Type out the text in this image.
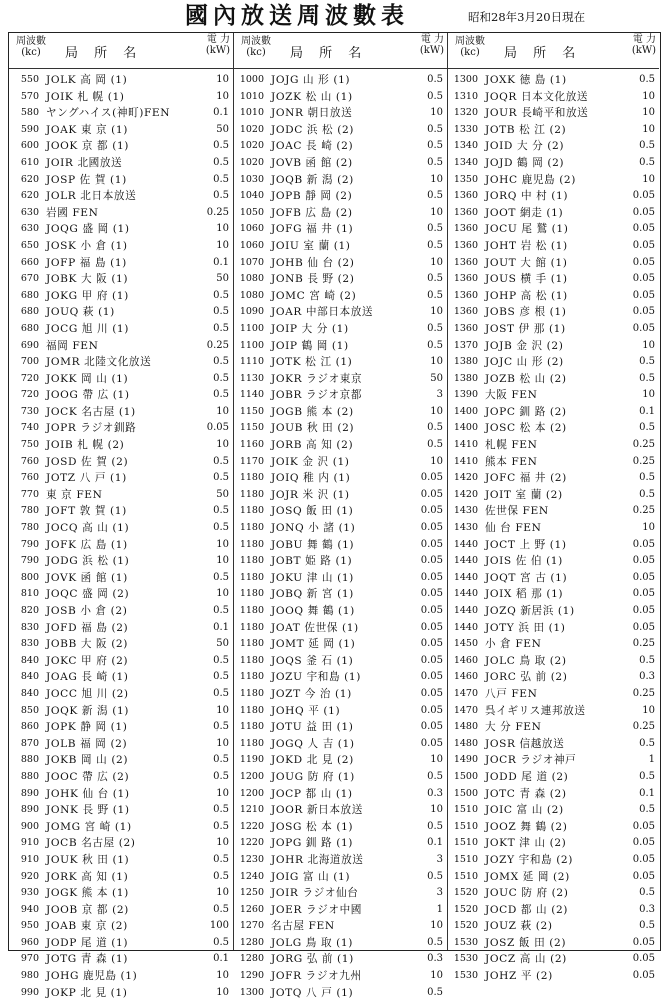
國內放送周波數表	昭和28年3月20日現在
周波數
(kc)	局 所 名
電 力
(kW)
550 JOLK 高 岡 (1)	10
570 JOIK 札 幌 (1)	10
580 ヤングハイス(神町)FEN	0.1
590 JOAK 東 京 (1)	50
600 JOOK 京 都 (1)	0.5
610 JOIR 北國放送	0.5
620 JOSP 佐 賀 (1)	0.5
620 JOLR 北日本放送	0.5
630 岩國 FEN	0.25
630 JOQG 盛 岡 (1)	10
650 JOSK 小 倉 (1)	10
660 JOFP 福 島 (1)	0.1
670 JOBK 大 阪 (1)	50
680 JOKG 甲 府 (1)	0.5
680 JOUQ 萩 (1)	0.5
680 JOCG 旭 川 (1)	0.5
690 福岡 FEN	0.25
700 JOMR 北陸文化放送	0.5
720 JOKK 岡 山 (1)	0.5
720 JOOG 帶 広 (1)	0.5
730 JOCK 名古屋 (1)	10
740 JOPR ラジオ釧路	0.05
750 JOIB 札 幌 (2)	10
760 JOSD 佐 賀 (2)	0.5
760 JOTZ 八 戸 (1)	0.5
770 東 京 FEN	50
780 JOFT 敦 賀 (1)	0.5
780 JOCQ 高 山 (1)	0.5
790 JOFK 広 島 (1)	10
790 JODG 浜 松 (1)	10
800 JOVK 函 館 (1)	0.5
810 JOQC 盛 岡 (2)	10
820 JOSB 小 倉 (2)	0.5
830 JOFD 福 島 (2)	0.1
830 JOBB 大 阪 (2)	50
840 JOKC 甲 府 (2)	0.5
840 JOAG 長 崎 (1)	0.5
840 JOCC 旭 川 (2)	0.5
850 JOQK 新 潟 (1)	10
860 JOPK 静 岡 (1)	0.5
870 JOLB 福 岡 (2)	10
880 JOKB 岡 山 (2)	0.5
880 JOOC 帶 広 (2)	0.5
890 JOHK 仙 台 (1)	10
890 JONK 長 野 (1)	0.5
900 JOMG 宮 崎 (1)	0.5
910 JOCB 名古屋 (2)	10
910 JOUK 秋 田 (1)	0.5
920 JORK 高 知 (1)	0.5
930 JOGK 熊 本 (1)	10
940 JOOB 京 都 (2)	0.5
950 JOAB 東 京 (2)	100
960 JODP 尾 道 (1)	0.5
970 JOTG 青 森 (1)	0.1
980 JOHG 鹿児島 (1)	10
990 JOKP 北 見 (1)	10
周波數
(kc)	局 所 名
電 力
(kW)
1000 JOJG 山 形 (1)	0.5
1010 JOZK 松 山 (1)	0.5
1010 JONR 朝日放送	10
1020 JODC 浜 松 (2)	0.5
1020 JOAC 長 崎 (2)	0.5
1020 JOVB 函 館 (2)	0.5
1030 JOQB 新 潟 (2)	10
1040 JOPB 靜 岡 (2)	0.5
1050 JOFB 広 島 (2)	10
1060 JOFG 福 井 (1)	0.5
1060 JOIU 室 蘭 (1)	0.5
1070 JOHB 仙 台 (2)	10
1080 JONB 長 野 (2)	0.5
1080 JOMC 宮 崎 (2)	0.5
1090 JOAR 中部日本放送	10
1100 JOIP 大 分 (1)	0.5
1100 JOIP 鶴 岡 (1)	0.5
1110 JOTK 松 江 (1)	10
1130 JOKR ラジオ東京	50
1140 JOBR ラジオ京都	3
1150 JOGB 熊 本 (2)	10
1150 JOUB 秋 田 (2)	0.5
1160 JORB 高 知 (2)	0.5
1170 JOIK 金 沢 (1)	10
1180 JOIQ 稚 内 (1)	0.05
1180 JOJR 米 沢 (1)	0.05
1180 JOSQ 飯 田 (1)	0.05
1180 JONQ 小 諸 (1)	0.05
1180 JOBU 舞 鶴 (1)	0.05
1180 JOBT 姫 路 (1)	0.05
1180 JOKU 津 山 (1)	0.05
1180 JOBQ 新 宮 (1)	0.05
1180 JOOQ 舞 鶴 (1)	0.05
1180 JOAT 佐世保 (1)	0.05
1180 JOMT 延 岡 (1)	0.05
1180 JOQS 釜 石 (1)	0.05
1180 JOZU 宇和島 (1)	0.05
1180 JOZT 今 治 (1)	0.05
1180 JOHQ 平 (1)	0.05
1180 JOTU 益 田 (1)	0.05
1180 JOGQ 人 吉 (1)	0.05
1190 JOKD 北 見 (2)	10
1200 JOUG 防 府 (1)	0.5
1200 JOCP 都 山 (1)	0.3
1210 JOOR 新日本放送	10
1220 JOSG 松 本 (1)	0.5
1220 JOPG 釧 路 (1)	0.1
1230 JOHR 北海道放送	3
1240 JOIG 富 山 (1)	0.5
1250 JOIR ラジオ仙台	3
1260 JOER ラジオ中國	1
1270 名古屋 FEN	10
1280 JOLG 鳥 取 (1)	0.5
1280 JORG 弘 前 (1)	0.3
1290 JOFR ラジオ九州	10
1300 JOTQ 八 戸 (1)	0.5
周波數
(kc)	局 所 名
電 力
(kW)
1300 JOXK 徳 島 (1)	0.5
1310 JOQR 日本文化放送	10
1320 JOUR 長崎平和放送	10
1330 JOTB 松 江 (2)	10
1340 JOID 大 分 (2)	0.5
1340 JOJD 鶴 岡 (2)	0.5
1350 JOHC 鹿児島 (2)	10
1360 JORQ 中 村 (1)	0.05
1360 JOOT 網走 (1)	0.05
1360 JOCU 尾 鷲 (1)	0.05
1360 JOHT 岩 松 (1)	0.05
1360 JOUT 大 館 (1)	0.05
1360 JOUS 横 手 (1)	0.05
1360 JOHP 高 松 (1)	0.05
1360 JOBS 彦 根 (1)	0.05
1360 JOST 伊 那 (1)	0.05
1370 JOJB 金 沢 (2)	10
1380 JOJC 山 形 (2)	0.5
1380 JOZB 松 山 (2)	0.5
1390 大阪 FEN	10
1400 JOPC 釧 路 (2)	0.1
1400 JOSC 松 本 (2)	0.5
1410 札幌 FEN	0.25
1410 熊本 FEN	0.25
1420 JOFC 福 井 (2)	0.5
1420 JOIT 室 蘭 (2)	0.5
1430 佐世保 FEN	0.25
1430 仙 台 FEN	10
1440 JOCT 上 野 (1)	0.05
1440 JOIS 佐 伯 (1)	0.05
1440 JOQT 宮 古 (1)	0.05
1440 JOIX 稻 那 (1)	0.05
1440 JOZQ 新居浜 (1)	0.05
1440 JOTY 浜 田 (1)	0.05
1450 小 倉 FEN	0.25
1460 JOLC 鳥 取 (2)	0.5
1460 JORC 弘 前 (2)	0.3
1470 八戸 FEN	0.25
1470 呉イギリス連邦放送	10
1480 大 分 FEN	0.25
1480 JOSR 信越放送	0.5
1490 JOCR ラジオ神戸	1
1500 JODD 尾 道 (2)	0.5
1500 JOTC 青 森 (2)	0.1
1510 JOIC 富 山 (2)	0.5
1510 JOOZ 舞 鶴 (2)	0.05
1510 JOKT 津 山 (2)	0.05
1510 JOZY 宇和島 (2)	0.05
1510 JOMX 延 岡 (2)	0.05
1520 JOUC 防 府 (2)	0.5
1520 JOCD 都 山 (2)	0.3
1520 JOUZ 萩 (2)	0.5
1530 JOSZ 飯 田 (2)	0.05
1530 JOCZ 高 山 (2)	0.05
1530 JOHZ 平 (2)	0.05
